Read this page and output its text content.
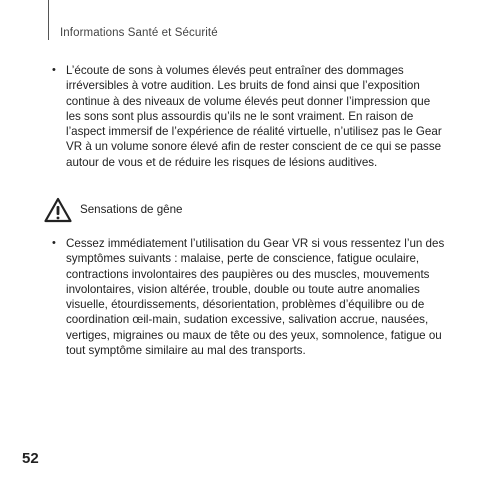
Informations Santé et Sécurité
• L’écoute de sons à volumes élevés peut entraîner des dommages irréversibles à votre audition. Les bruits de fond ainsi que l’exposition continue à des niveaux de volume élevés peut donner l’impression que les sons sont plus assourdis qu’ils ne le sont vraiment. En raison de l’aspect immersif de l’expérience de réalité virtuelle, n’utilisez pas le Gear VR à un volume sonore élevé afin de rester conscient de ce qui se passe autour de vous et de réduire les risques de lésions auditives.
Sensations de gêne
• Cessez immédiatement l’utilisation du Gear VR si vous ressentez l’un des symptômes suivants : malaise, perte de conscience, fatigue oculaire, contractions involontaires des paupières ou des muscles, mouvements involontaires, vision altérée, trouble, double ou toute autre anomalies visuelle, étourdissements, désorientation, problèmes d’équilibre ou de coordination œil-main, sudation excessive, salivation accrue, nausées, vertiges, migraines ou maux de tête ou des yeux, somnolence, fatigue ou tout symptôme similaire au mal des transports.
52
